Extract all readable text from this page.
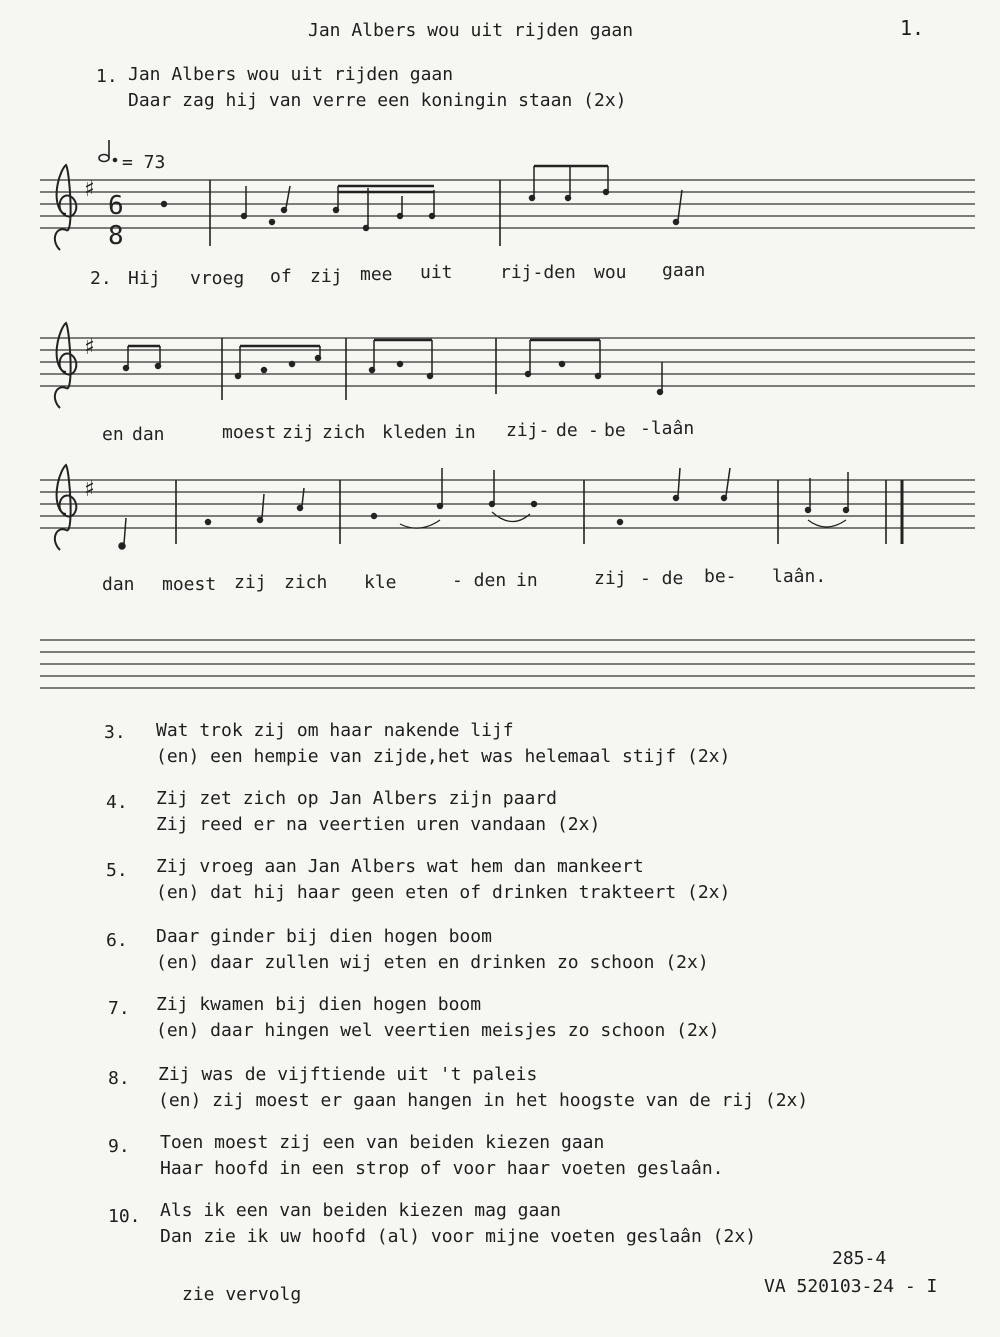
Jan Albers wou uit rijden gaan	1.
1. Jan Albers wou uit rijden gaan
Daar zag hij van verre een koningin staan (2x)
♯
♯
♯
= 73
6
8
2. Hij vroeg of zij mee uit	rij-den wou gaan
en dan	moest zij zich kleden in zij- de - be -laân
dan moest zij zich kle	- den in	zij - de be- laân.
3. Wat trok zij om haar nakende lijf
(en) een hempie van zijde,het was helemaal stijf (2x)
4. Zij zet zich op Jan Albers zijn paard
Zij reed er na veertien uren vandaan (2x)
5. Zij vroeg aan Jan Albers wat hem dan mankeert
(en) dat hij haar geen eten of drinken trakteert (2x)
6. Daar ginder bij dien hogen boom
(en) daar zullen wij eten en drinken zo schoon (2x)
7. Zij kwamen bij dien hogen boom
(en) daar hingen wel veertien meisjes zo schoon (2x)
8. Zij was de vijftiende uit 't paleis
(en) zij moest er gaan hangen in het hoogste van de rij (2x)
9. Toen moest zij een van beiden kiezen gaan
Haar hoofd in een strop of voor haar voeten geslaân.
10. Als ik een van beiden kiezen mag gaan
Dan zie ik uw hoofd (al) voor mijne voeten geslaân (2x)
285-4
VA 520103-24 - I
zie vervolg
